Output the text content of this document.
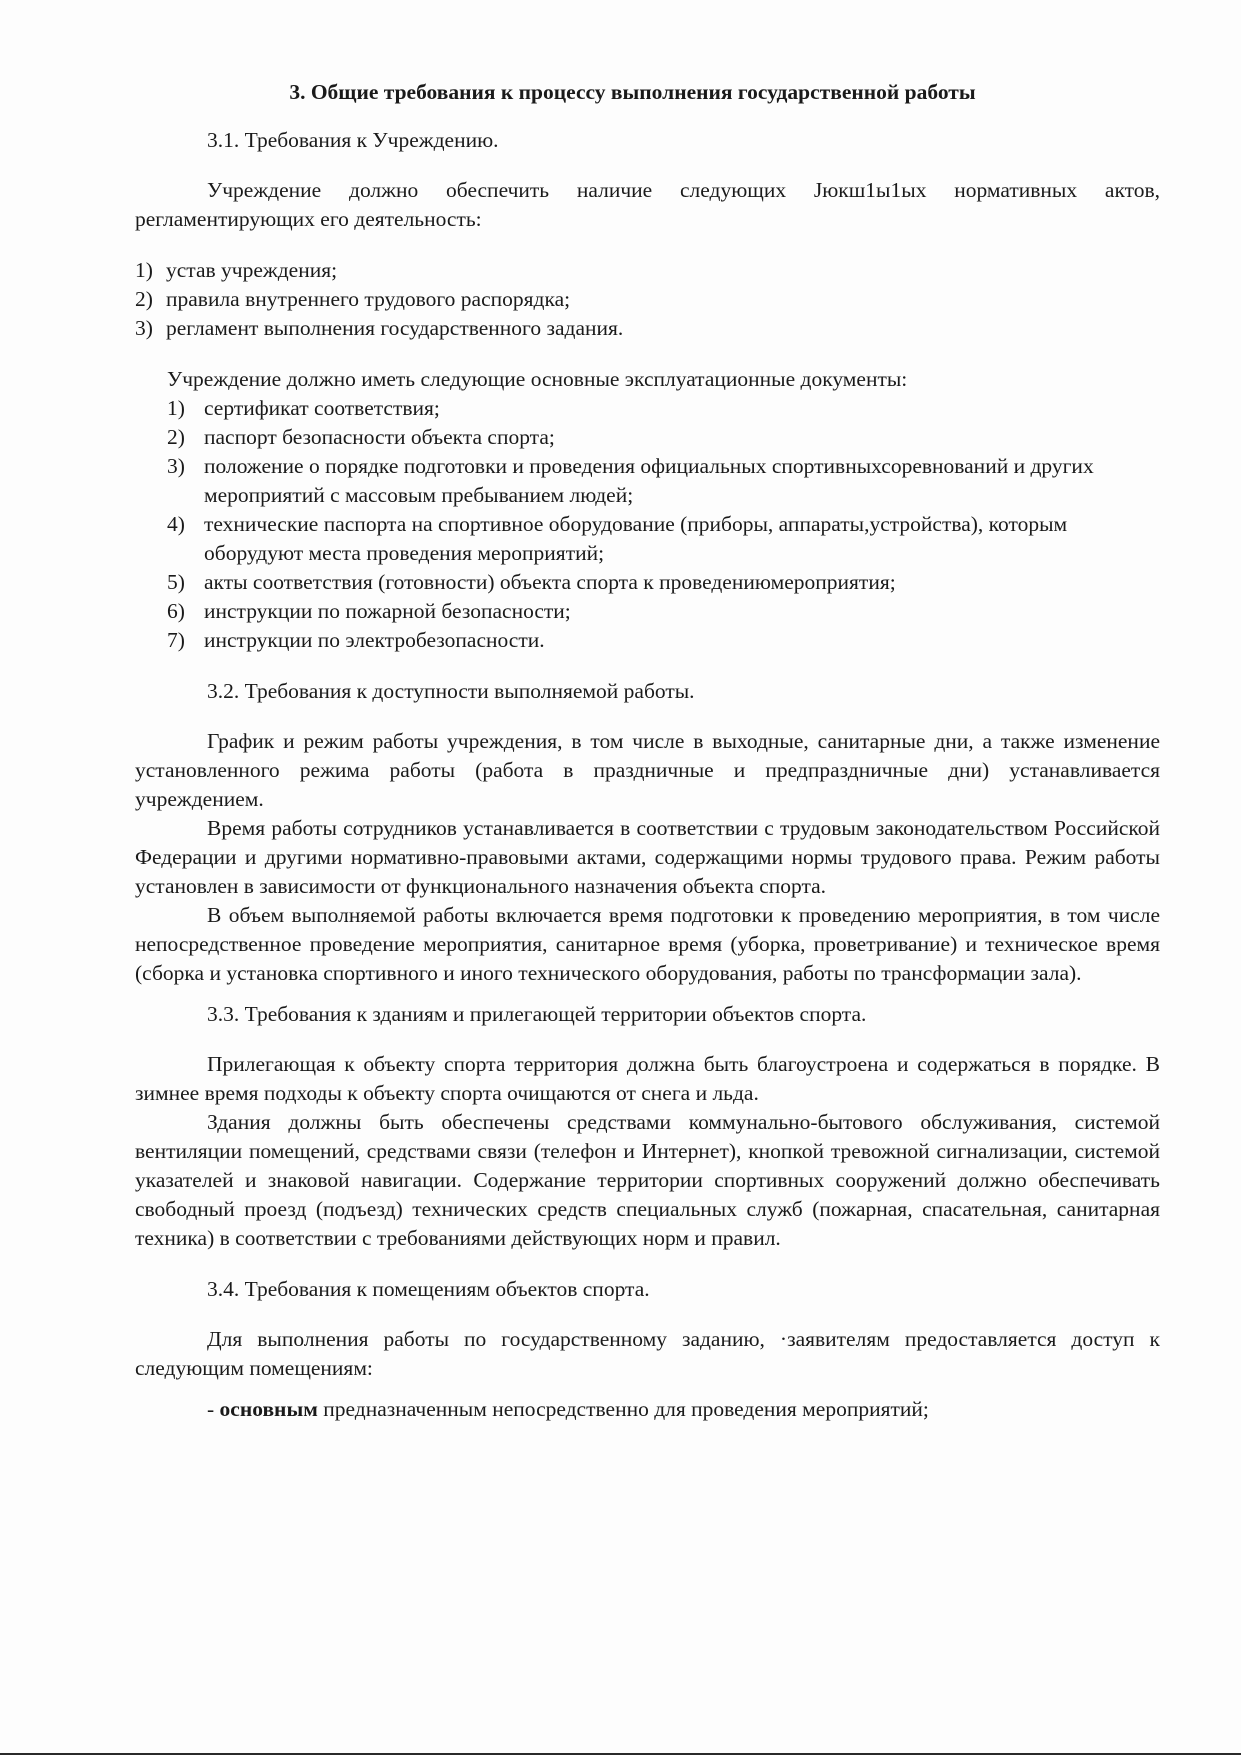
3. Общие требования к процессу выполнения государственной работы
3.1. Требования к Учреждению.

Учреждение должно обеспечить наличие следующих Jюкш1ы1ых нормативных актов, регламентирующих его деятельность:

1) устав учреждения;
2) правила внутреннего трудового распорядка;
3) регламент выполнения государственного задания.

Учреждение должно иметь следующие основные эксплуатационные документы:

1) сертификат соответствия;
2) паспорт безопасности объекта спорта;
3) положение о порядке подготовки и проведения официальных спортивныхсоревнований и других мероприятий с массовым пребыванием людей;
4) технические паспорта на спортивное оборудование (приборы, аппараты,устройства), которым оборудуют места проведения мероприятий;
5) акты соответствия (готовности) объекта спорта к проведениюмероприятия;
6) инструкции по пожарной безопасности;
7) инструкции по электробезопасности.
3.2. Требования к доступности выполняемой работы.

График и режим работы учреждения, в том числе в выходные, санитарные дни, а также изменение установленного режима работы (работа в праздничные и предпраздничные дни) устанавливается учреждением.

Время работы сотрудников устанавливается в соответствии с трудовым законодательством Российской Федерации и другими нормативно-правовыми актами, содержащими нормы трудового права. Режим работы установлен в зависимости от функционального назначения объекта спорта.

В объем выполняемой работы включается время подготовки к проведению мероприятия, в том числе непосредственное проведение мероприятия, санитарное время (уборка, проветривание) и техническое время (сборка и установка спортивного и иного технического оборудования, работы по трансформации зала).

3.3. Требования к зданиям и прилегающей территории объектов спорта.

Прилегающая к объекту спорта территория должна быть благоустроена и содержаться в порядке. В зимнее время подходы к объекту спорта очищаются от снега и льда.

Здания должны быть обеспечены средствами коммунально-бытового обслуживания, системой вентиляции помещений, средствами связи (телефон и Интернет), кнопкой тревожной сигнализации, системой указателей и знаковой навигации. Содержание территории спортивных сооружений должно обеспечивать свободный проезд (подъезд) технических средств специальных служб (пожарная, спасательная, санитарная техника) в соответствии с требованиями действующих норм и правил.

3.4. Требования к помещениям объектов спорта.

Для выполнения работы по государственному заданию, ·заявителям предоставляется доступ к следующим помещениям:

- основным предназначенным непосредственно для проведения мероприятий;
